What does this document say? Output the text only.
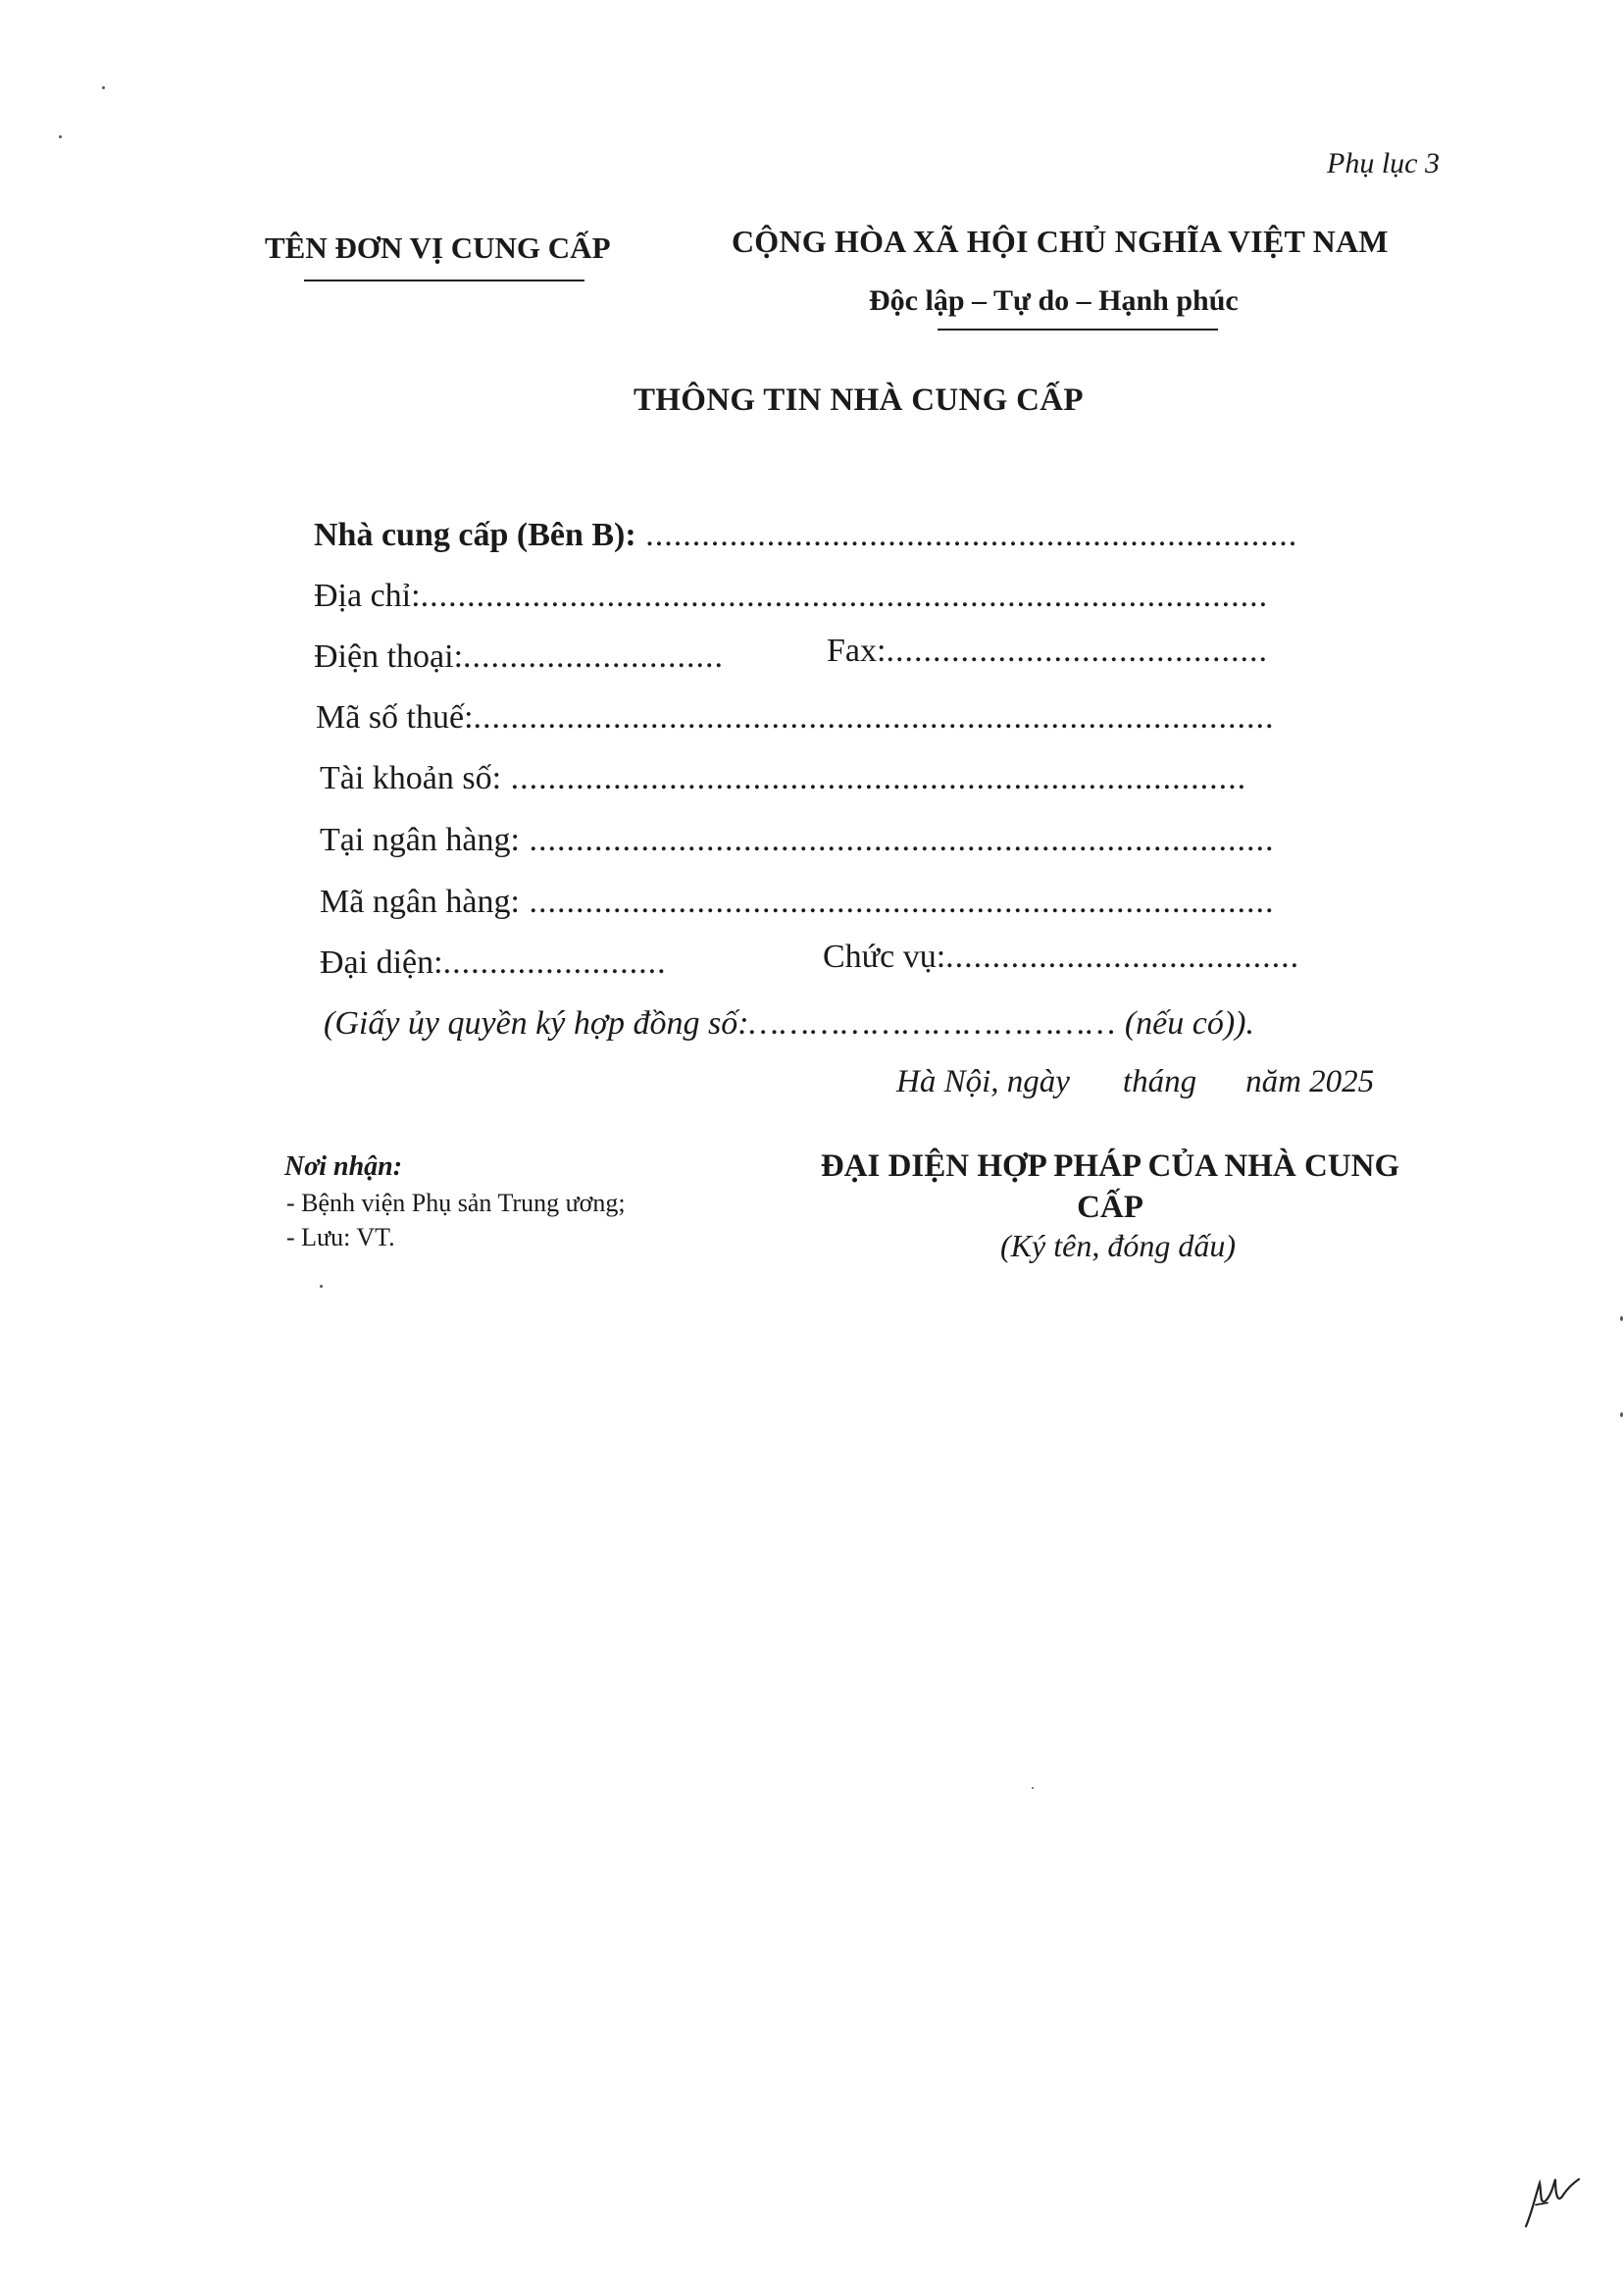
Phụ lục 3
TÊN ĐƠN VỊ CUNG CẤP	CỘNG HÒA XÃ HỘI CHỦ NGHĨA VIỆT NAM
Độc lập – Tự do – Hạnh phúc
THÔNG TIN NHÀ CUNG CẤP
Nhà cung cấp (Bên B): ......................................................................
Địa chỉ:...........................................................................................
Điện thoại:............................	Fax:.........................................
Mã số thuế:......................................................................................
Tài khoản số: ...............................................................................
Tại ngân hàng: ................................................................................
Mã ngân hàng: ................................................................................
Đại diện:........................	Chức vụ:......................................
(Giấy ủy quyền ký hợp đồng số:……………………………… (nếu có)).
Hà Nội, ngày tháng năm 2025
Nơi nhận:
- Bệnh viện Phụ sản Trung ương;
- Lưu: VT.
ĐẠI DIỆN HỢP PHÁP CỦA NHÀ CUNG CẤP
(Ký tên, đóng dấu)
